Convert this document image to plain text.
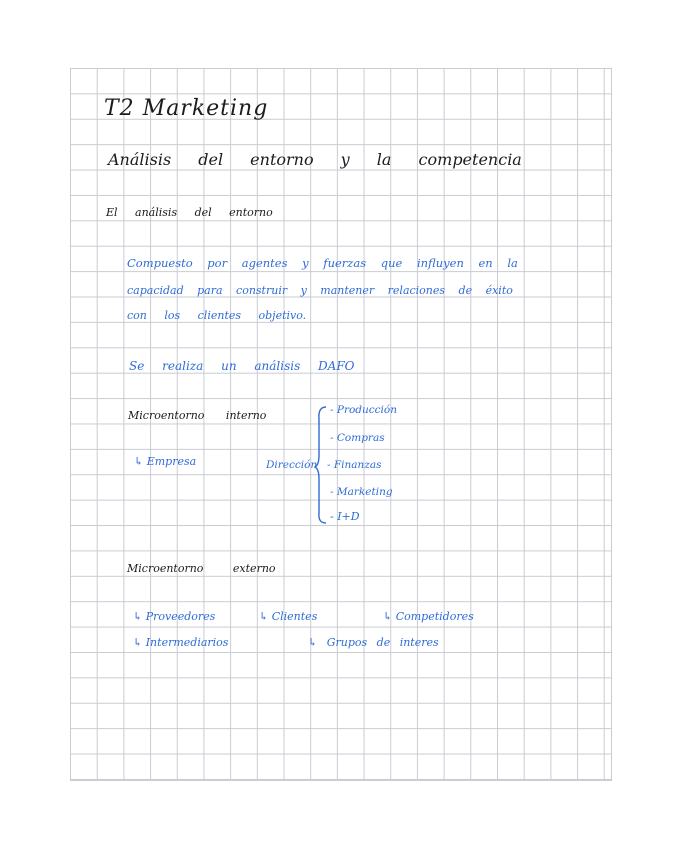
T2 Marketing
Análisis del entorno y la competencia
El análisis del entorno
Compuesto por agentes y fuerzas que influyen en la
capacidad para construir y mantener relaciones de éxito
con los clientes objetivo.
Se realiza un análisis DAFO
Microentorno interno
↳ Empresa	Dirección
- Producción
- Compras
- Finanzas
- Marketing
- I+D
Microentorno externo
↳ Proveedores	↳ Clientes	↳ Competidores
↳ Intermediarios	↳ Grupos de interes
